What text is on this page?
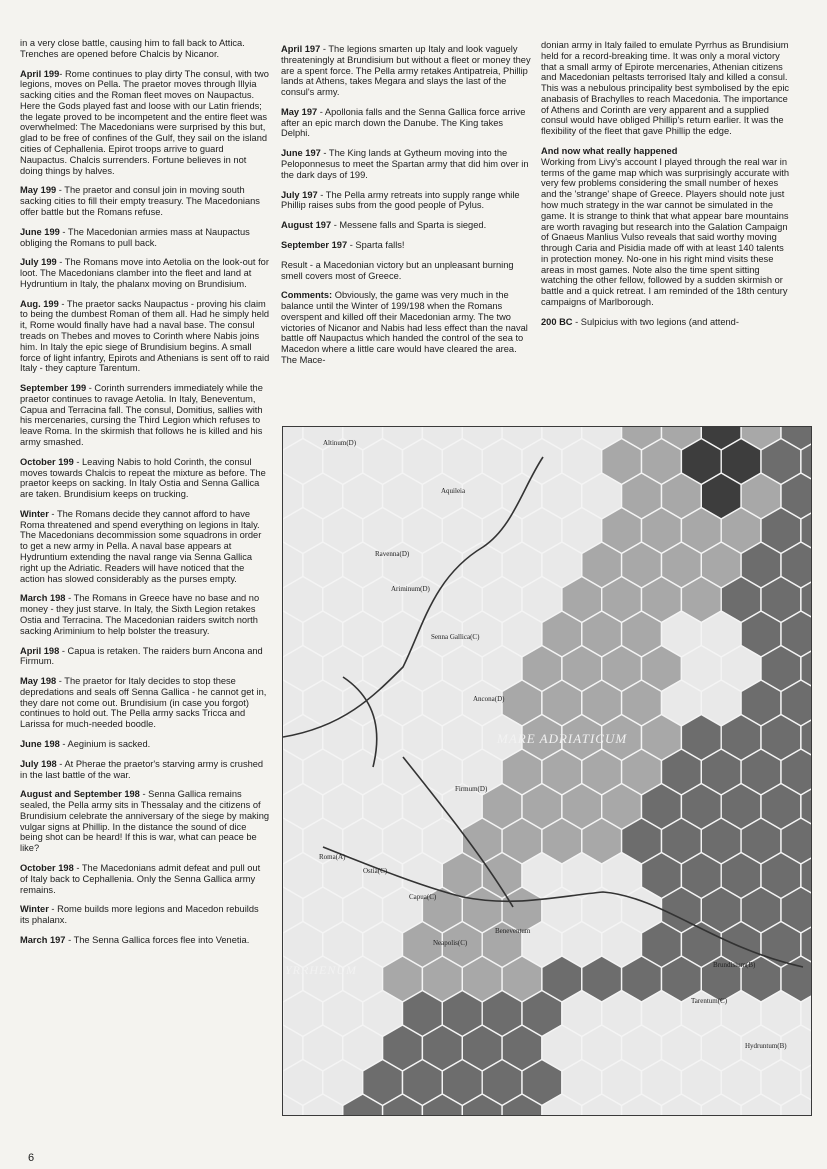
in a very close battle, causing him to fall back to Attica. Trenches are opened before Chalcis by Nicanor.
April 199- Rome continues to play dirty The consul, with two legions, moves on Pella. The praetor moves through Illyia sacking cities and the Roman fleet moves on Naupactus. Here the Gods played fast and loose with our Latin friends; the legate proved to be incompetent and the entire fleet was overwhelmed: The Macedonians were surprised by this but, glad to be free of confines of the Gulf, they sail on the island cities of Cephallenia. Epirot troops arrive to guard Naupactus. Chalcis surrenders. Fortune believes in not doing things by halves.
May 199 - The praetor and consul join in moving south sacking cities to fill their empty treasury. The Macedonians offer battle but the Romans refuse.
June 199 - The Macedonian armies mass at Naupactus obliging the Romans to pull back.
July 199 - The Romans move into Aetolia on the look-out for loot. The Macedonians clamber into the fleet and land at Hydruntium in Italy, the phalanx moving on Brundisium.
Aug. 199 - The praetor sacks Naupactus - proving his claim to being the dumbest Roman of them all. Had he simply held it, Rome would finally have had a naval base. The consul treads on Thebes and moves to Corinth where Nabis joins him. In Italy the epic siege of Brundisium begins. A small force of light infantry, Epirots and Athenians is sent off to raid Italy - they capture Tarentum.
September 199 - Corinth surrenders immediately while the praetor continues to ravage Aetolia. In Italy, Beneventum, Capua and Terracina fall. The consul, Domitius, sallies with his mercenaries, cursing the Third Legion which refuses to leave Roma. In the skirmish that follows he is killed and his army smashed.
October 199 - Leaving Nabis to hold Corinth, the consul moves towards Chalcis to repeat the mixture as before. The praetor keeps on sacking. In Italy Ostia and Senna Gallica are taken. Brundisium keeps on trucking.
Winter - The Romans decide they cannot afford to have Roma threatened and spend everything on legions in Italy. The Macedonians decommission some squadrons in order to get a new army in Pella. A naval base appears at Hydruntium extending the naval range via Senna Gallica right up the Adriatic. Readers will have noticed that the action has slowed considerably as the purses empty.
March 198 - The Romans in Greece have no base and no money - they just starve. In Italy, the Sixth Legion retakes Ostia and Terracina. The Macedonian raiders switch north sacking Ariminium to help bolster the treasury.
April 198 - Capua is retaken. The raiders burn Ancona and Firmum.
May 198 - The praetor for Italy decides to stop these depredations and seals off Senna Gallica - he cannot get in, they dare not come out. Brundisium (in case you forgot) continues to hold out. The Pella army sacks Tricca and Larissa for much-needed boodle.
June 198 - Aeginium is sacked.
July 198 - At Pherae the praetor's starving army is crushed in the last battle of the war.
August and September 198 - Senna Gallica remains sealed, the Pella army sits in Thessalay and the citizens of Brundisium celebrate the anniversary of the siege by making vulgar signs at Phillip. In the distance the sound of dice being shot can be heard! If this is war, what can peace be like?
October 198 - The Macedonians admit defeat and pull out of Italy back to Cephallenia. Only the Senna Gallica army remains.
Winter - Rome builds more legions and Macedon rebuilds its phalanx.
March 197 - The Senna Gallica forces flee into Venetia.
April 197 - The legions smarten up Italy and look vaguely threateningly at Brundisium but without a fleet or money they are a spent force. The Pella army retakes Antipatreia, Phillip lands at Athens, takes Megara and slays the last of the consul's army.
May 197 - Apollonia falls and the Senna Gallica force arrive after an epic march down the Danube. The King takes Delphi.
June 197 - The King lands at Gytheum moving into the Peloponnesus to meet the Spartan army that did him over in the dark days of 199.
July 197 - The Pella army retreats into supply range while Phillip raises subs from the good people of Pylus.
August 197 - Messene falls and Sparta is sieged.
September 197 - Sparta falls!
Result - a Macedonian victory but an unpleasant burning smell covers most of Greece.
Comments: Obviously, the game was very much in the balance until the Winter of 199/198 when the Romans overspent and killed off their Macedonian army. The two victories of Nicanor and Nabis had less effect than the naval battle off Naupactus which handed the control of the sea to Macedon where a little care would have cleared the area. The Mace-
donian army in Italy failed to emulate Pyrrhus as Brundisium held for a record-breaking time. It was only a moral victory that a small army of Epirote mercenaries, Athenian citizens and Macedonian peltasts terrorised Italy and killed a consul. This was a nebulous principality best symbolised by the epic anabasis of Brachylles to reach Macedonia. The importance of Athens and Corinth are very apparent and a supplied consul would have obliged Phillip's return earlier. It was the flexibility of the fleet that gave Phillip the edge.
And now what really happened
Working from Livy's account I played through the real war in terms of the game map which was surprisingly accurate with very few problems considering the small number of hexes and the 'strange' shape of Greece. Players should note just how much strategy in the war cannot be simulated in the game. It is strange to think that what appear bare mountains are worth ravaging but research into the Galation Campaign of Gnaeus Manlius Vulso reveals that said worthy moving through Caria and Pisidia made off with at least 140 talents in protection money. No-one in his right mind visits these areas in most games. Note also the time spent sitting watching the other fellow, followed by a sudden skirmish or battle and a quick retreat. I am reminded of the 18th century campaigns of Marlborough.
200 BC - Sulpicius with two legions (and attend-
MARE ADRIATICUM
YRRHENUM
Altinum(D)
Aquileia
Ravenna(D)
Ariminum(D)
Senna Gallica(C)
Ancona(D)
Firmum(D)
Roma(A)
Ostia(C)
Capua(C)
Neapolis(C)
Beneventum
Brundisium(B)
Tarentum(C)
Hydruntum(B)
6
